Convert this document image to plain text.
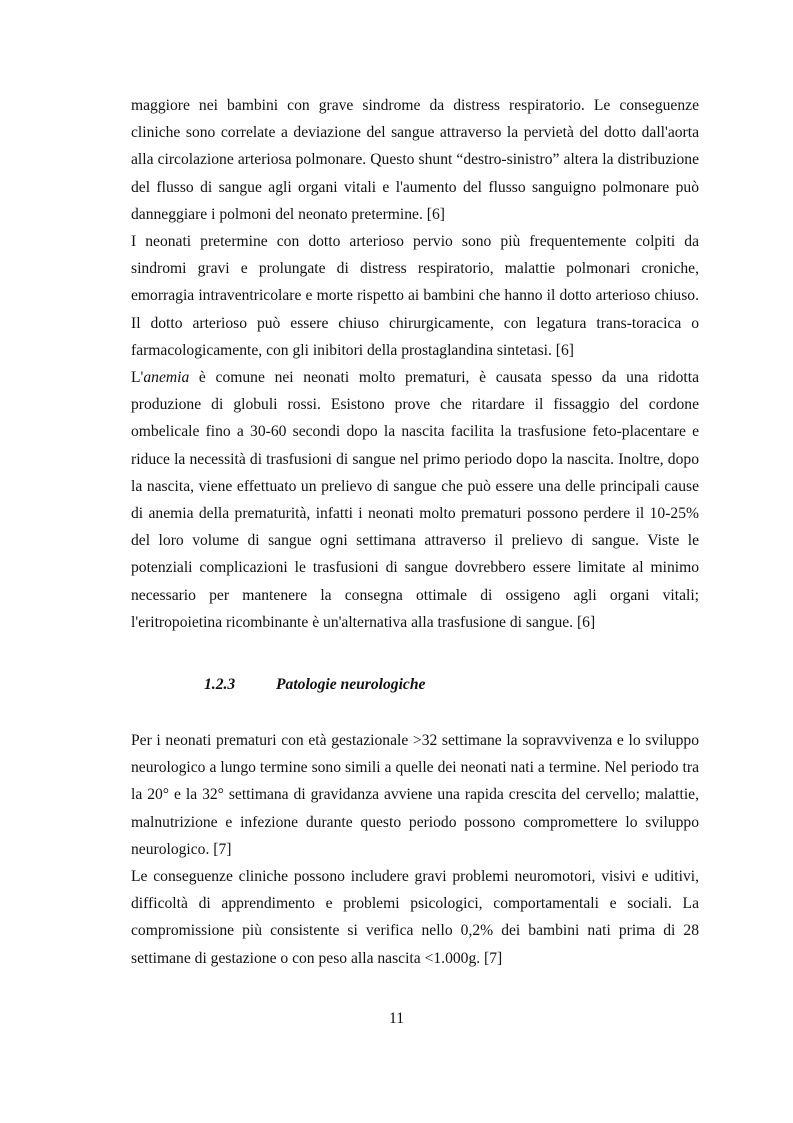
maggiore nei bambini con grave sindrome da distress respiratorio. Le conseguenze cliniche sono correlate a deviazione del sangue attraverso la pervietà del dotto dall'aorta alla circolazione arteriosa polmonare. Questo shunt “destro-sinistro” altera la distribuzione del flusso di sangue agli organi vitali e l'aumento del flusso sanguigno polmonare può danneggiare i polmoni del neonato pretermine. [6]

I neonati pretermine con dotto arterioso pervio sono più frequentemente colpiti da sindromi gravi e prolungate di distress respiratorio, malattie polmonari croniche, emorragia intraventricolare e morte rispetto ai bambini che hanno il dotto arterioso chiuso. Il dotto arterioso può essere chiuso chirurgicamente, con legatura trans-toracica o farmacologicamente, con gli inibitori della prostaglandina sintetasi. [6]

L'anemia è comune nei neonati molto prematuri, è causata spesso da una ridotta produzione di globuli rossi. Esistono prove che ritardare il fissaggio del cordone ombelicale fino a 30-60 secondi dopo la nascita facilita la trasfusione feto-placentare e riduce la necessità di trasfusioni di sangue nel primo periodo dopo la nascita. Inoltre, dopo la nascita, viene effettuato un prelievo di sangue che può essere una delle principali cause di anemia della prematurità, infatti i neonati molto prematuri possono perdere il 10-25% del loro volume di sangue ogni settimana attraverso il prelievo di sangue. Viste le potenziali complicazioni le trasfusioni di sangue dovrebbero essere limitate al minimo necessario per mantenere la consegna ottimale di ossigeno agli organi vitali; l'eritropoietina ricombinante è un'alternativa alla trasfusione di sangue. [6]

1.2.3	Patologie neurologiche

Per i neonati prematuri con età gestazionale >32 settimane la sopravvivenza e lo sviluppo neurologico a lungo termine sono simili a quelle dei neonati nati a termine. Nel periodo tra la 20° e la 32° settimana di gravidanza avviene una rapida crescita del cervello; malattie, malnutrizione e infezione durante questo periodo possono compromettere lo sviluppo neurologico. [7]

Le conseguenze cliniche possono includere gravi problemi neuromotori, visivi e uditivi, difficoltà di apprendimento e problemi psicologici, comportamentali e sociali. La compromissione più consistente si verifica nello 0,2% dei bambini nati prima di 28 settimane di gestazione o con peso alla nascita <1.000g. [7]

11
